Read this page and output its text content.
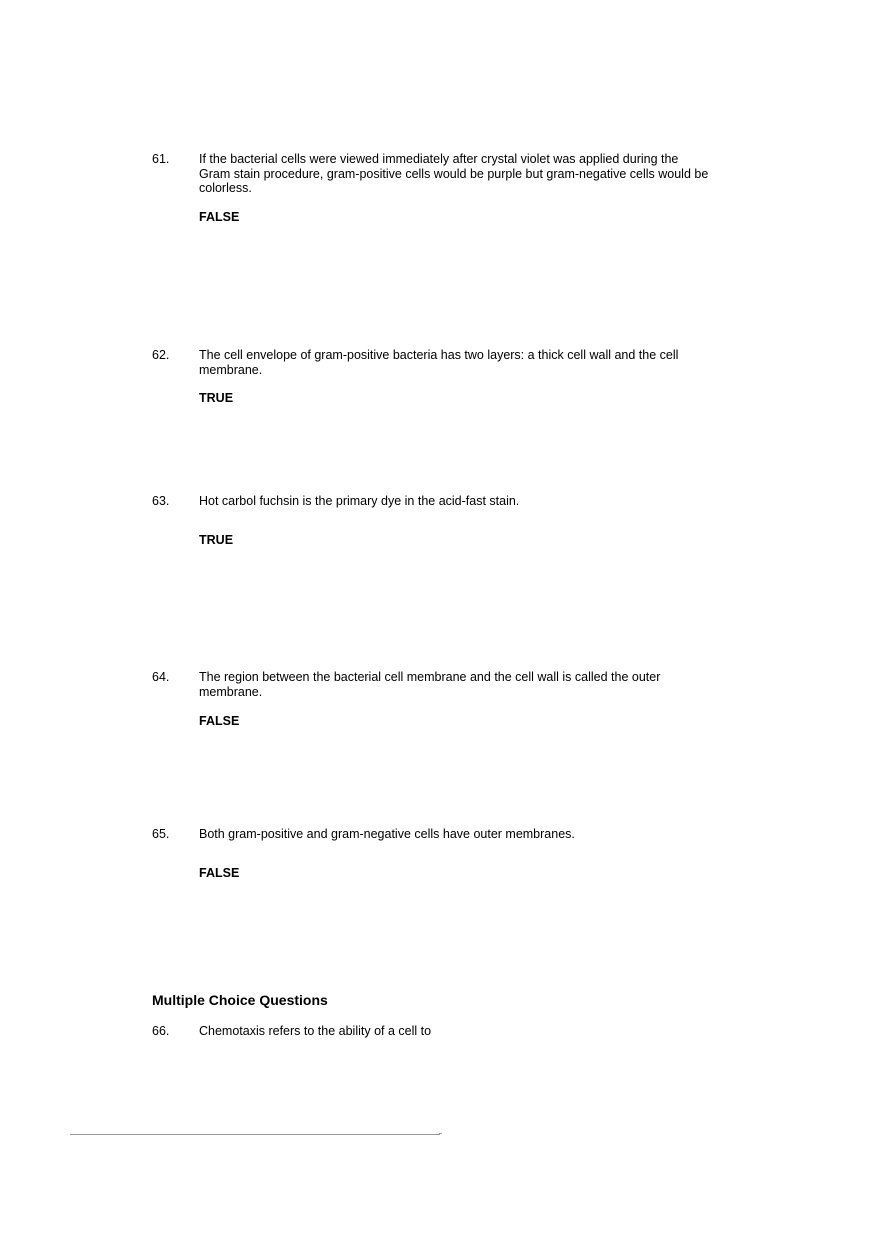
61. If the bacterial cells were viewed immediately after crystal violet was applied during the Gram stain procedure, gram-positive cells would be purple but gram-negative cells would be colorless.
FALSE
62. The cell envelope of gram-positive bacteria has two layers: a thick cell wall and the cell membrane.
TRUE
63. Hot carbol fuchsin is the primary dye in the acid-fast stain.
TRUE
64. The region between the bacterial cell membrane and the cell wall is called the outer membrane.
FALSE
65. Both gram-positive and gram-negative cells have outer membranes.
FALSE
Multiple Choice Questions
66. Chemotaxis refers to the ability of a cell to
